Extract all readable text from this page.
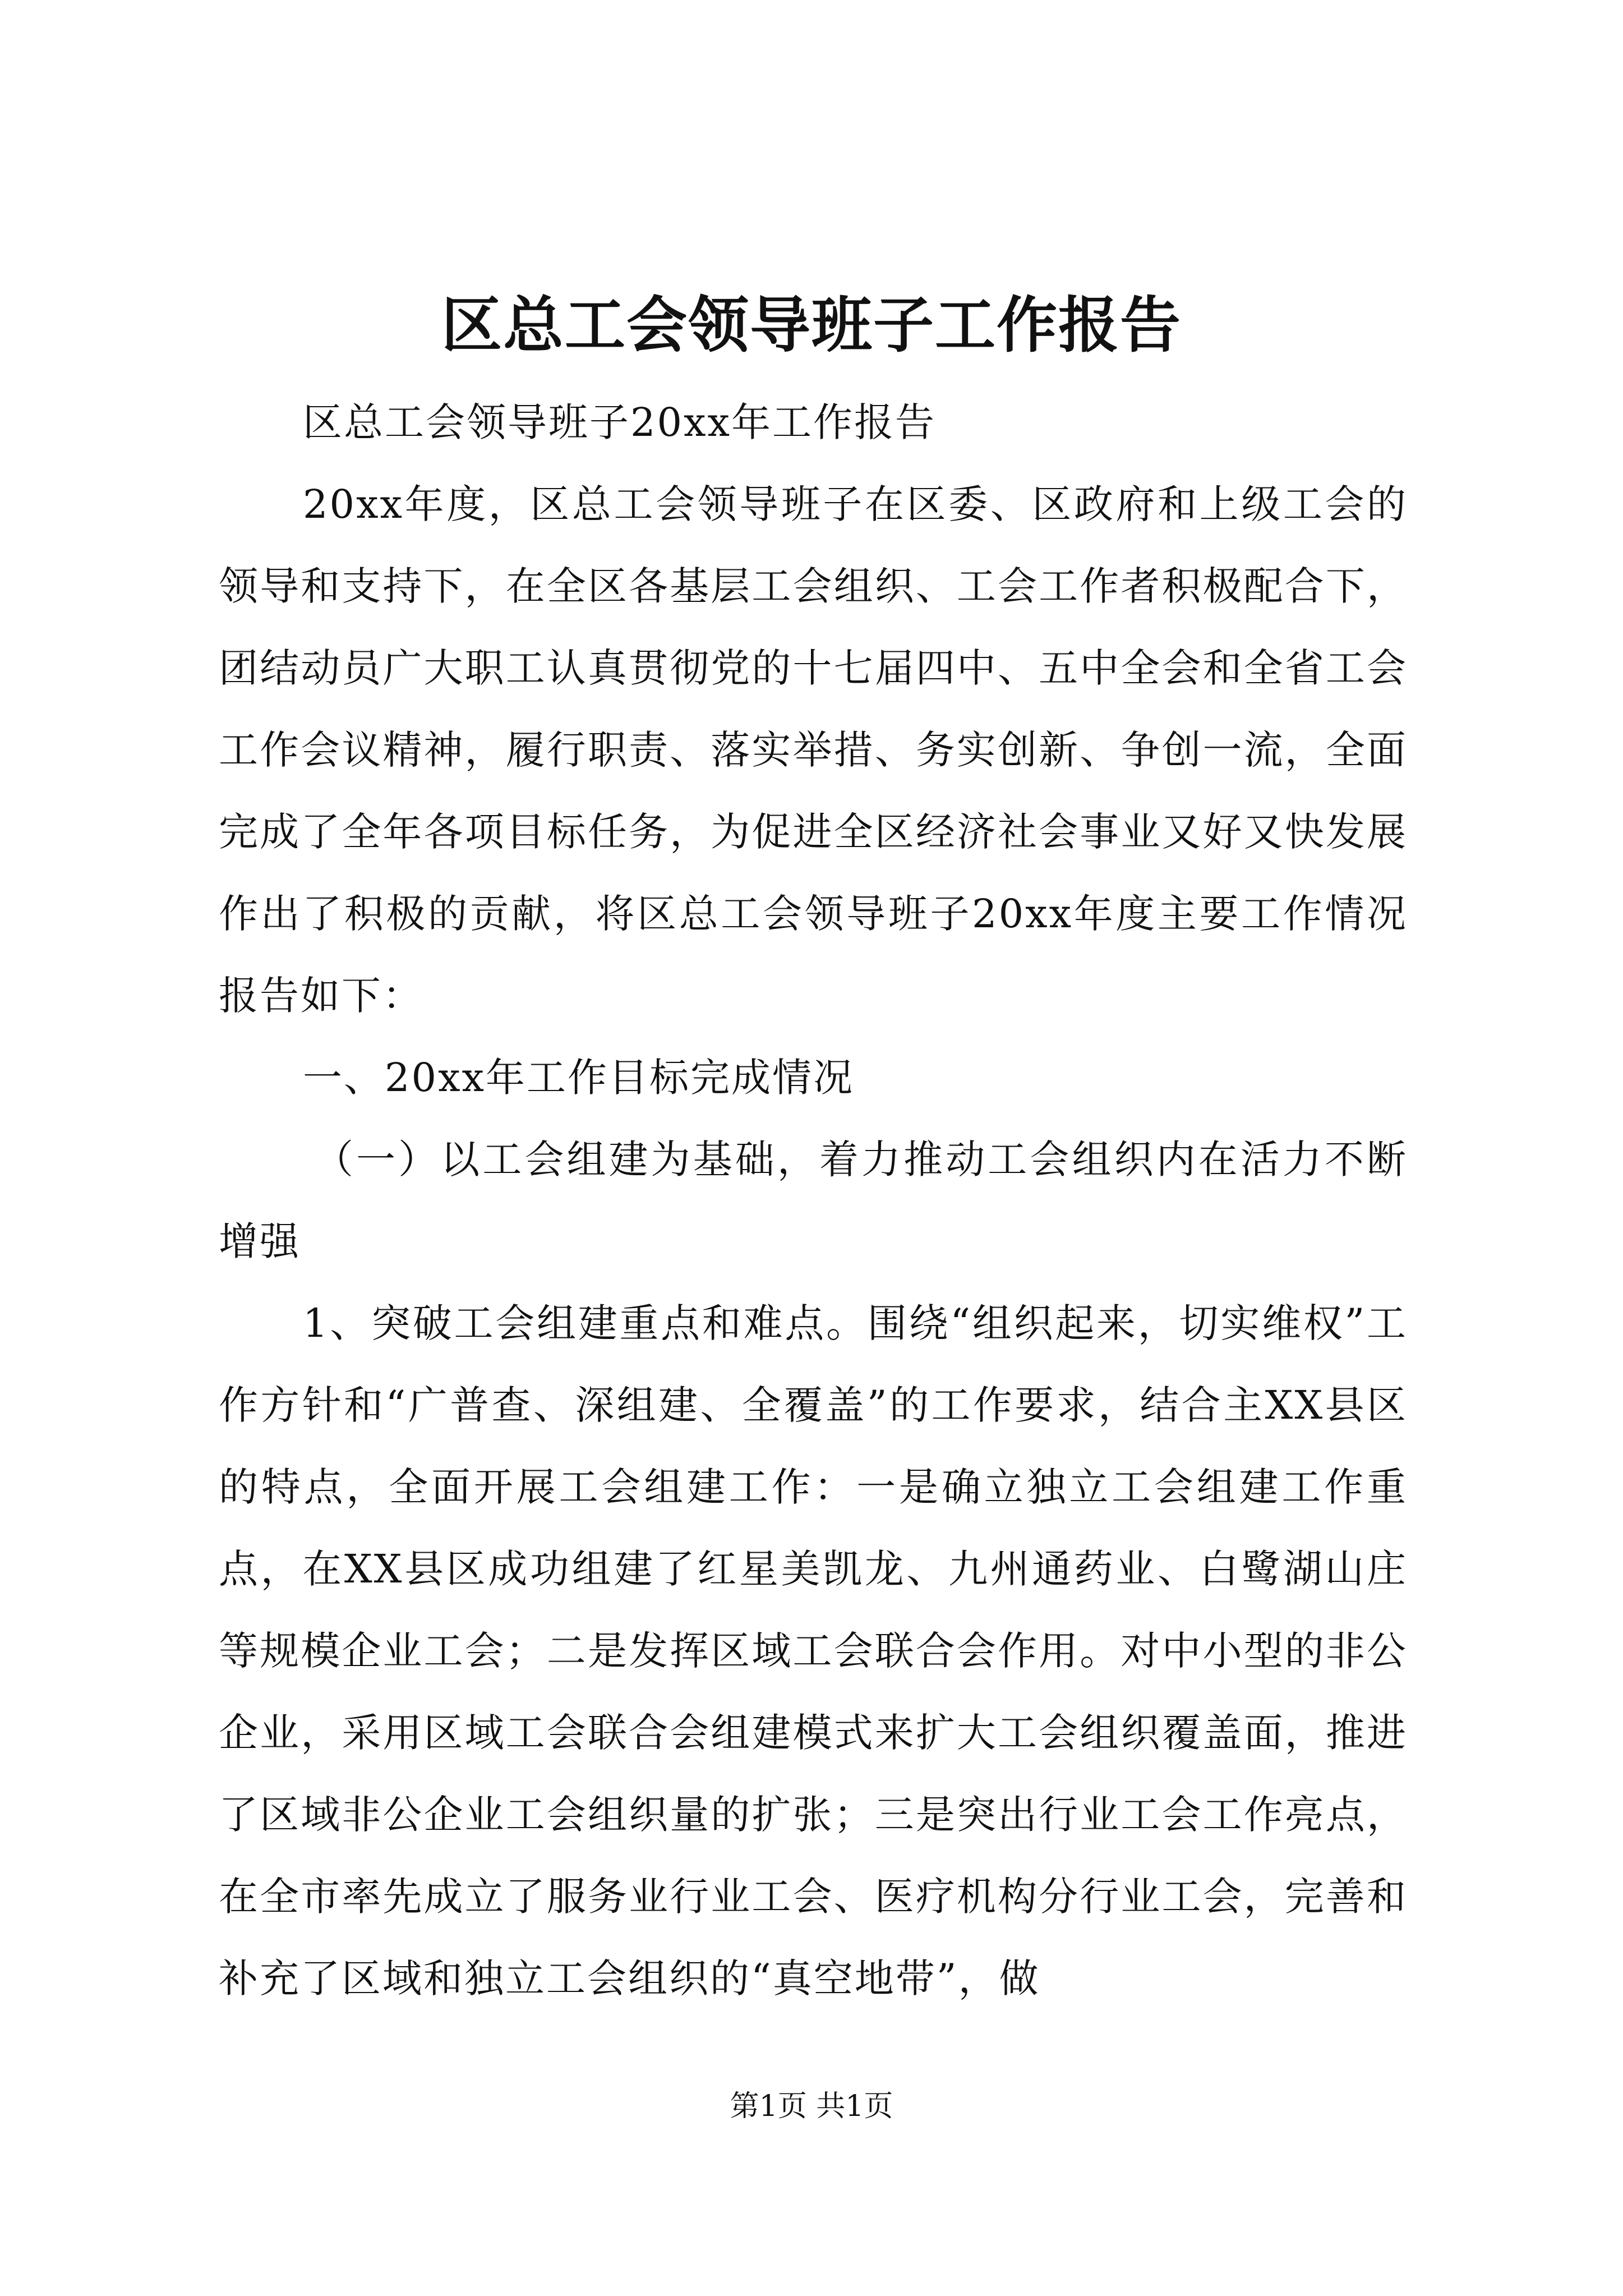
区总工会领导班子工作报告

区总工会领导班子20xx年工作报告

20xx年度，区总工会领导班子在区委、区政府和上级工会的领导和支持下，在全区各基层工会组织、工会工作者积极配合下，团结动员广大职工认真贯彻党的十七届四中、五中全会和全省工会工作会议精神，履行职责、落实举措、务实创新、争创一流，全面完成了全年各项目标任务，为促进全区经济社会事业又好又快发展作出了积极的贡献，将区总工会领导班子20xx年度主要工作情况报告如下：

一、20xx年工作目标完成情况

（一）以工会组建为基础，着力推动工会组织内在活力不断增强

1、突破工会组建重点和难点。围绕“组织起来，切实维权”工作方针和“广普查、深组建、全覆盖”的工作要求，结合主XX县区的特点，全面开展工会组建工作：一是确立独立工会组建工作重点，在XX县区成功组建了红星美凯龙、九州通药业、白鹭湖山庄等规模企业工会；二是发挥区域工会联合会作用。对中小型的非公企业，采用区域工会联合会组建模式来扩大工会组织覆盖面，推进了区域非公企业工会组织量的扩张；三是突出行业工会工作亮点，在全市率先成立了服务业行业工会、医疗机构分行业工会，完善和补充了区域和独立工会组织的“真空地带”，做

第1页 共1页
